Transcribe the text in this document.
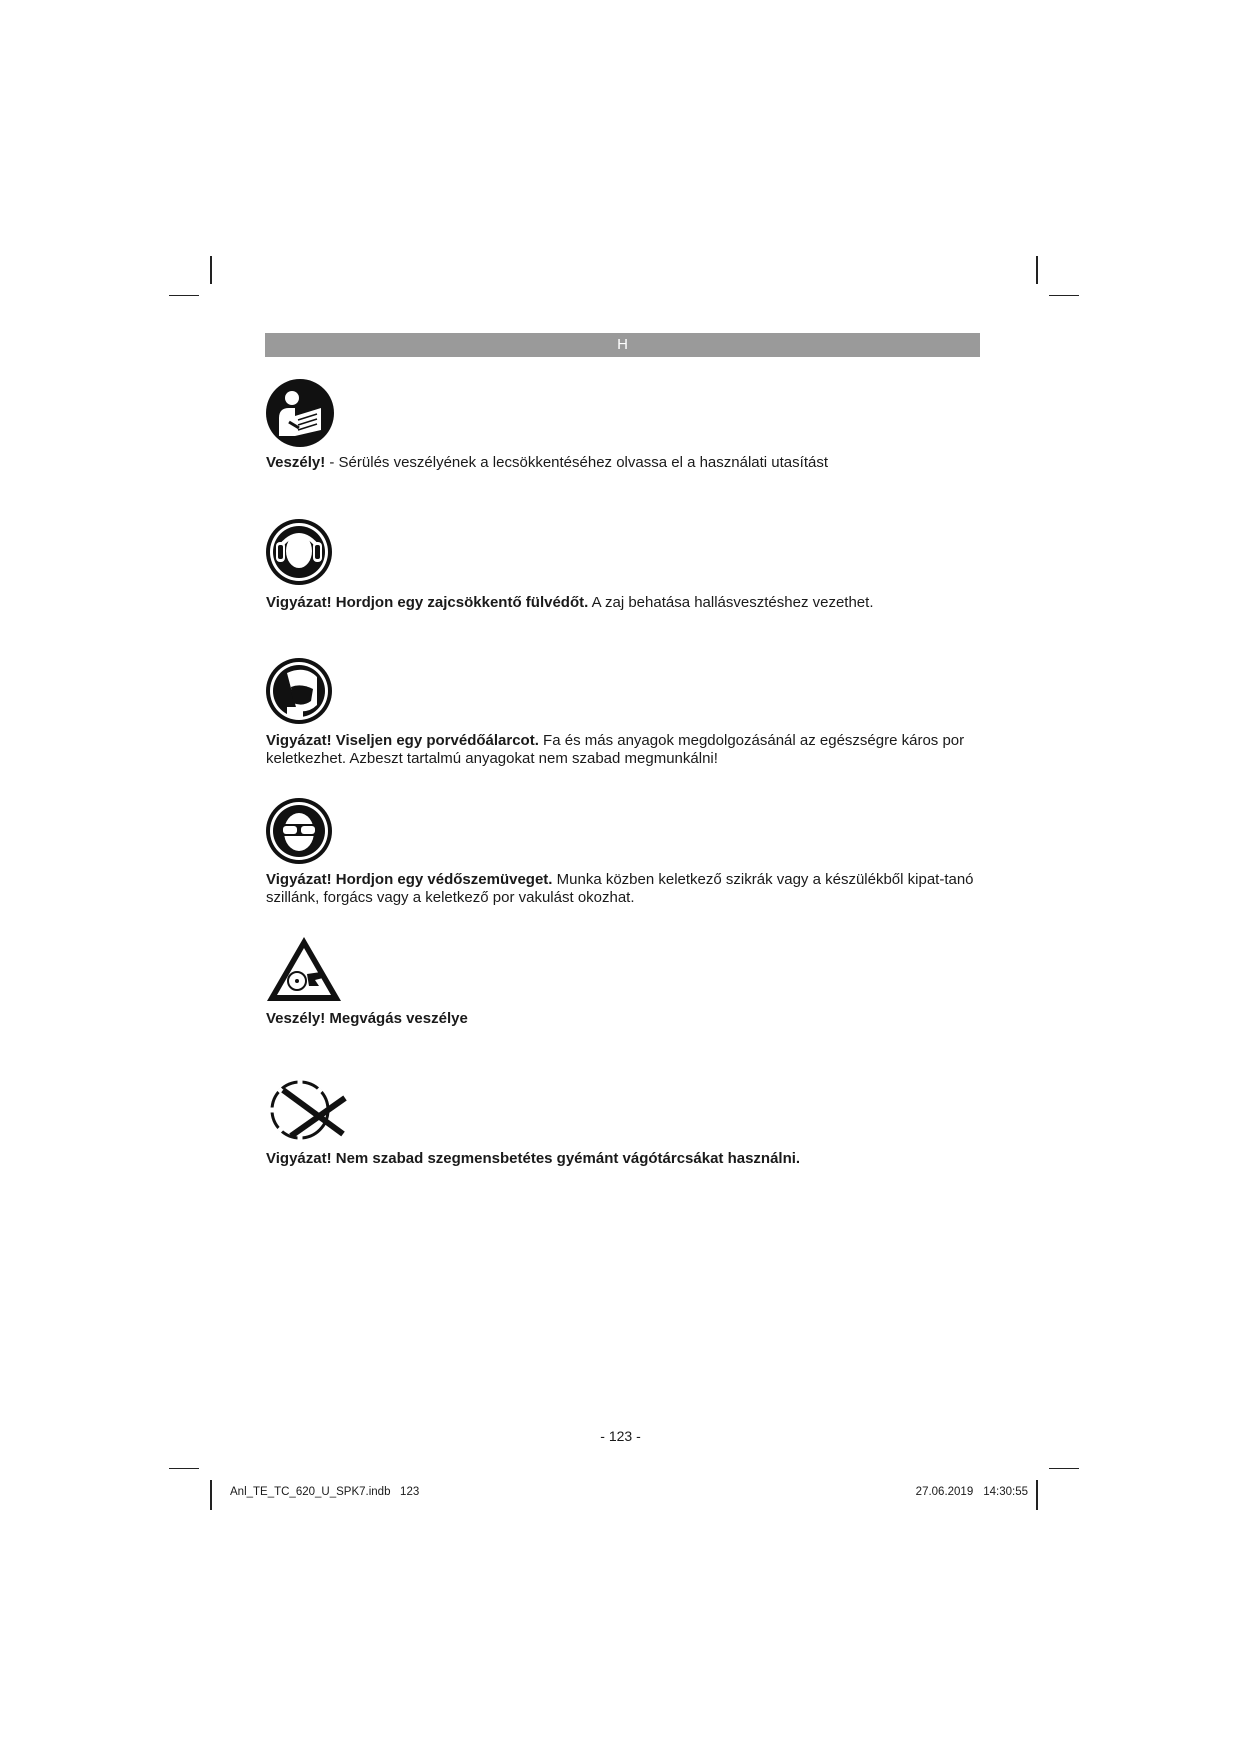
H
Veszély! - Sérülés veszélyének a lecsökkentéséhez olvassa el a használati utasítást
Vigyázat! Hordjon egy zajcsökkentő fülvédőt. A zaj behatása hallásvesztéshez vezethet.
Vigyázat! Viseljen egy porvédőálarcot. Fa és más anyagok megdolgozásánál az egészségre káros por keletkezhet. Azbeszt tartalmú anyagokat nem szabad megmunkálni!
Vigyázat! Hordjon egy védőszemüveget. Munka közben keletkező szikrák vagy a készülékből kipat-tanó szillánk, forgács vagy a keletkező por vakulást okozhat.
Veszély! Megvágás veszélye
Vigyázat! Nem szabad szegmensbetétes gyémánt vágótárcsákat használni.
- 123 -
Anl_TE_TC_620_U_SPK7.indb   123	27.06.2019 14:30:55
